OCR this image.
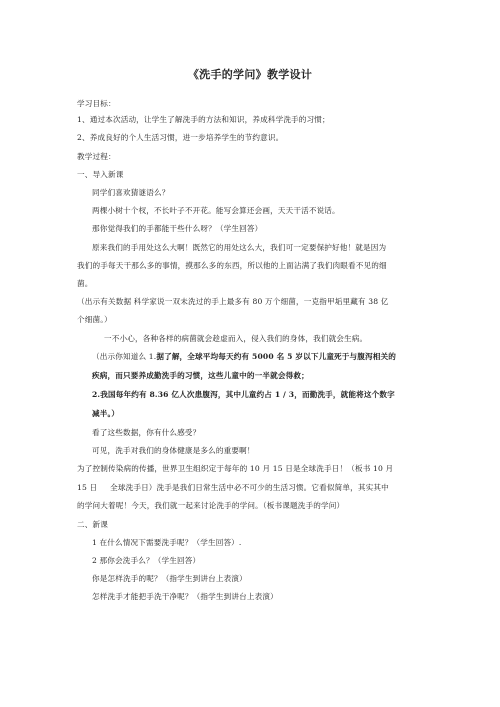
《洗手的学问》教学设计
学习目标：
1、通过本次活动，让学生了解洗手的方法和知识，养成科学洗手的习惯；
2、养成良好的个人生活习惯，进一步培养学生的节约意识。
教学过程：
一、导入新课
同学们喜欢猜谜语么？
两棵小树十个杈，不长叶子不开花。能写会算还会画，天天干活不说话。
那你觉得我们的手都能干些什么呀？（学生回答）
原来我们的手用处这么大啊！既然它的用处这么大，我们可一定要保护好他！就是因为
我们的手每天干那么多的事情，摸那么多的东西，所以他的上面沾满了我们肉眼看不见的细
菌。
（出示有关数据 科学家说一双未洗过的手上最多有 80 万个细菌，一克指甲垢里藏有 38 亿
个细菌。）
一不小心，各种各样的病菌就会趁虚而入，侵入我们的身体，我们就会生病。
（出示你知道么 1.据了解，全球平均每天约有 5000 名 5 岁以下儿童死于与腹泻相关的
疾病，而只要养成勤洗手的习惯，这些儿童中的一半就会得救；
2.我国每年约有 8.36 亿人次患腹泻，其中儿童约占 1 / 3，而勤洗手，就能将这个数字
减半。）
看了这些数据，你有什么感受？
可见，洗手对我们的身体健康是多么的重要啊！
为了控制传染病的传播，世界卫生组织定于每年的 10 月 15 日是全球洗手日！（板书 10 月
15 日     全球洗手日）洗手是我们日常生活中必不可少的生活习惯。它看似简单，其实其中
的学问大着呢！今天，我们就一起来讨论洗手的学问。（板书课题洗手的学问）
二、新课
1 在什么情况下需要洗手呢？（学生回答）.
2 那你会洗手么？（学生回答）
你是怎样洗手的呢？（指学生到讲台上表演）
怎样洗手才能把手洗干净呢？（指学生到讲台上表演）
